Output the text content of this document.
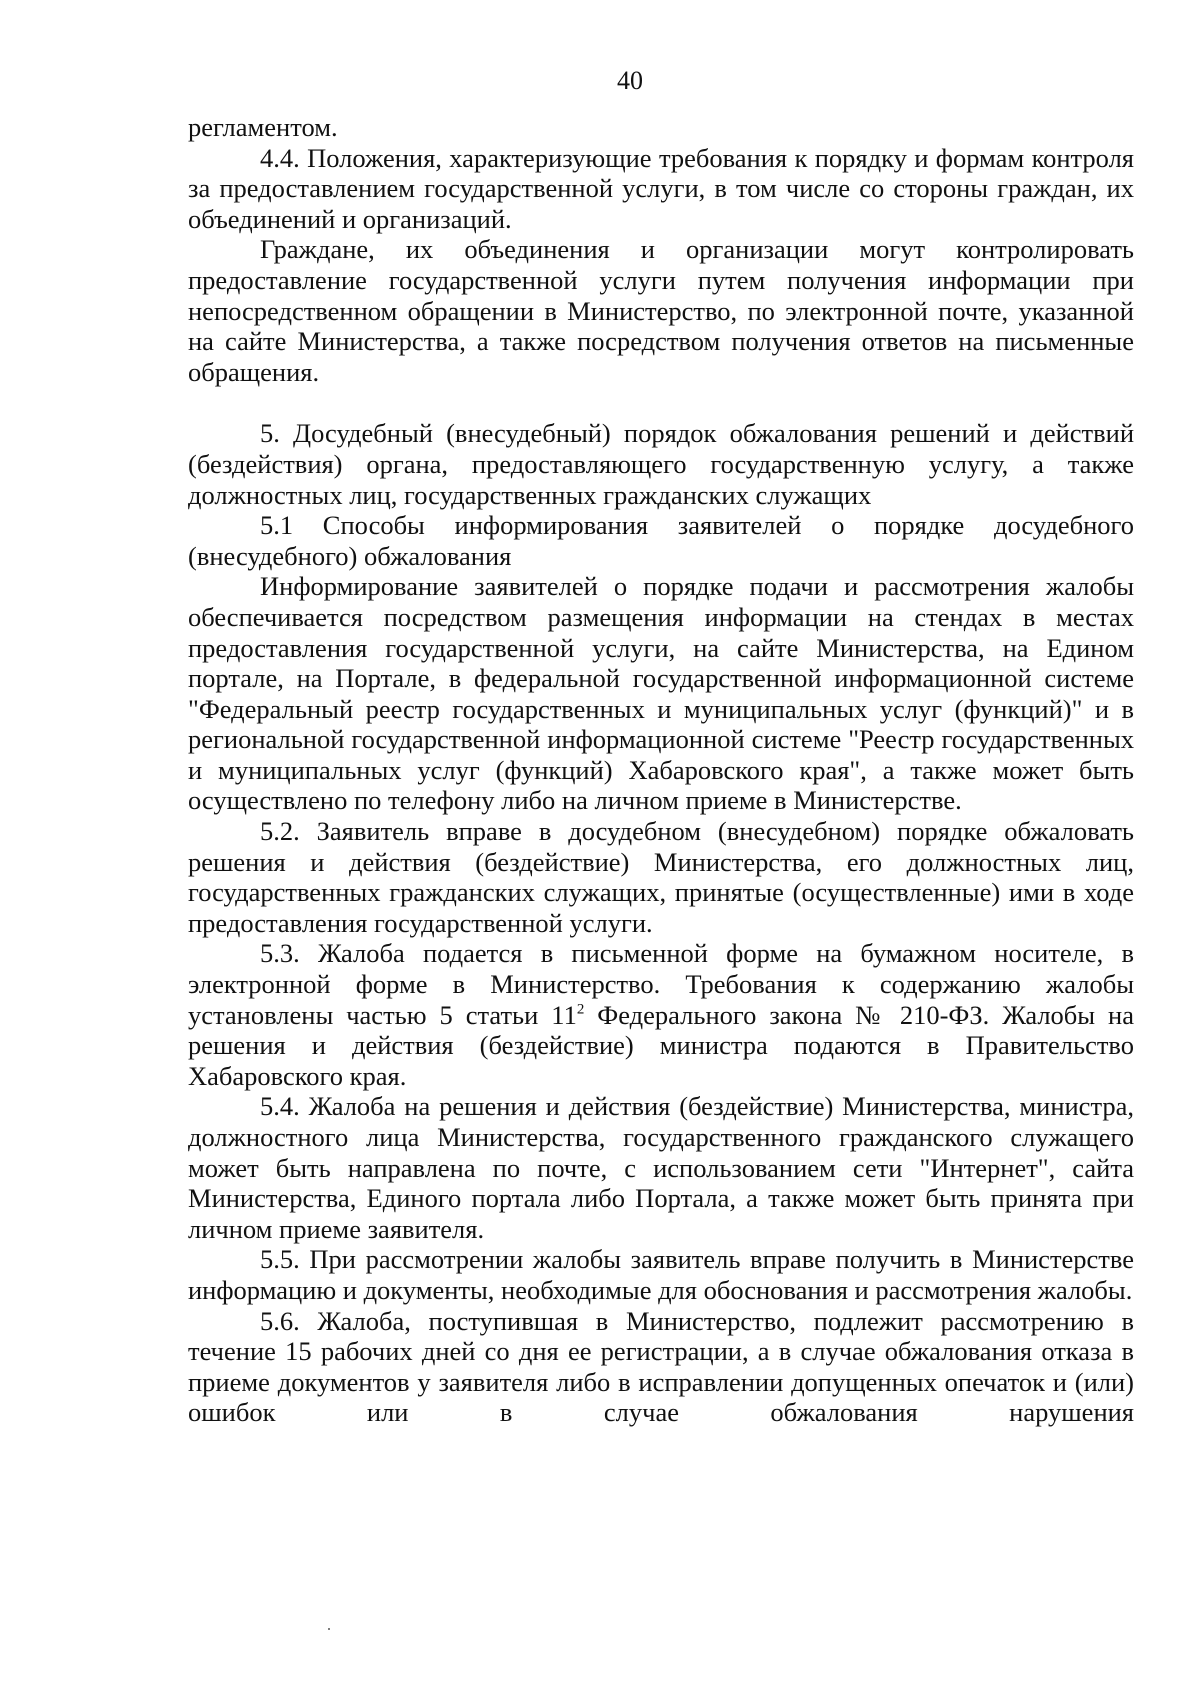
40

регламентом.

4.4. Положения, характеризующие требования к порядку и формам контроля за предоставлением государственной услуги, в том числе со стороны граждан, их объединений и организаций.

Граждане, их объединения и организации могут контролировать предоставление государственной услуги путем получения информации при непосредственном обращении в Министерство, по электронной почте, указанной на сайте Министерства, а также посредством получения ответов на письменные обращения.

5. Досудебный (внесудебный) порядок обжалования решений и действий (бездействия) органа, предоставляющего государственную услугу, а также должностных лиц, государственных гражданских служащих

5.1 Способы информирования заявителей о порядке досудебного (внесудебного) обжалования

Информирование заявителей о порядке подачи и рассмотрения жалобы обеспечивается посредством размещения информации на стендах в местах предоставления государственной услуги, на сайте Министерства, на Едином портале, на Портале, в федеральной государственной информационной системе "Федеральный реестр государственных и муниципальных услуг (функций)" и в региональной государственной информационной системе "Реестр государственных и муниципальных услуг (функций) Хабаровского края", а также может быть осуществлено по телефону либо на личном приеме в Министерстве.

5.2. Заявитель вправе в досудебном (внесудебном) порядке обжаловать решения и действия (бездействие) Министерства, его должностных лиц, государственных гражданских служащих, принятые (осуществленные) ими в ходе предоставления государственной услуги.

5.3. Жалоба подается в письменной форме на бумажном носителе, в электронной форме в Министерство. Требования к содержанию жалобы установлены частью 5 статьи $11^2$ Федерального закона № 210-ФЗ. Жалобы на решения и действия (бездействие) министра подаются в Правительство Хабаровского края.

5.4. Жалоба на решения и действия (бездействие) Министерства, министра, должностного лица Министерства, государственного гражданского служащего может быть направлена по почте, с использованием сети "Интернет", сайта Министерства, Единого портала либо Портала, а также может быть принята при личном приеме заявителя.

5.5. При рассмотрении жалобы заявитель вправе получить в Министерстве информацию и документы, необходимые для обоснования и рассмотрения жалобы.

5.6. Жалоба, поступившая в Министерство, подлежит рассмотрению в течение 15 рабочих дней со дня ее регистрации, а в случае обжалования отказа в приеме документов у заявителя либо в исправлении допущенных опечаток и (или) ошибок или в случае обжалования нарушения
